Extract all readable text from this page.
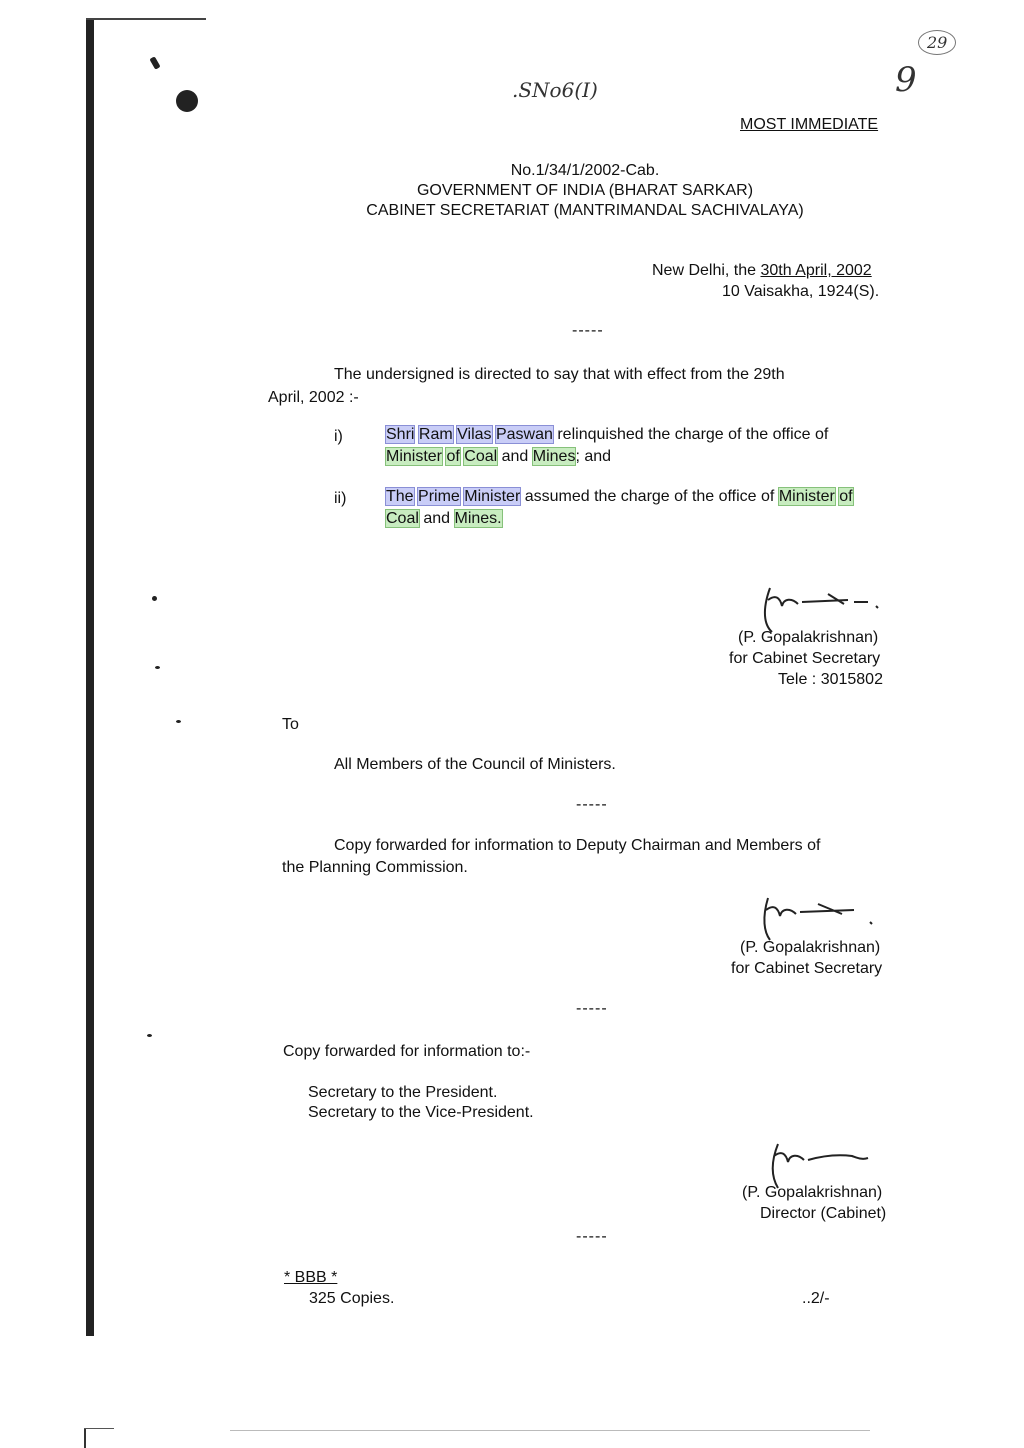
.SNo6(I)
29
9
MOST IMMEDIATE
No.1/34/1/2002-Cab.
GOVERNMENT OF INDIA (BHARAT SARKAR)
CABINET SECRETARIAT (MANTRIMANDAL SACHIVALAYA)
New Delhi, the 30th April, 2002
10 Vaisakha, 1924(S).
-----
The undersigned is directed to say that with effect from the 29th
April, 2002 :-
i)	Shri Ram Vilas Paswan relinquished the charge of the office of
Minister of Coal and Mines; and
ii) The Prime Minister assumed the charge of the office of Minister of
Coal and Mines.
(P. Gopalakrishnan)
for Cabinet Secretary
Tele : 3015802
To
All Members of the Council of Ministers.
-----
Copy forwarded for information to Deputy Chairman and Members of
the Planning Commission.
(P. Gopalakrishnan)
for Cabinet Secretary
-----
Copy forwarded for information to:-
Secretary to the President.
Secretary to the Vice-President.
(P. Gopalakrishnan)
Director (Cabinet)
-----
* BBB *
325 Copies.	..2/-
